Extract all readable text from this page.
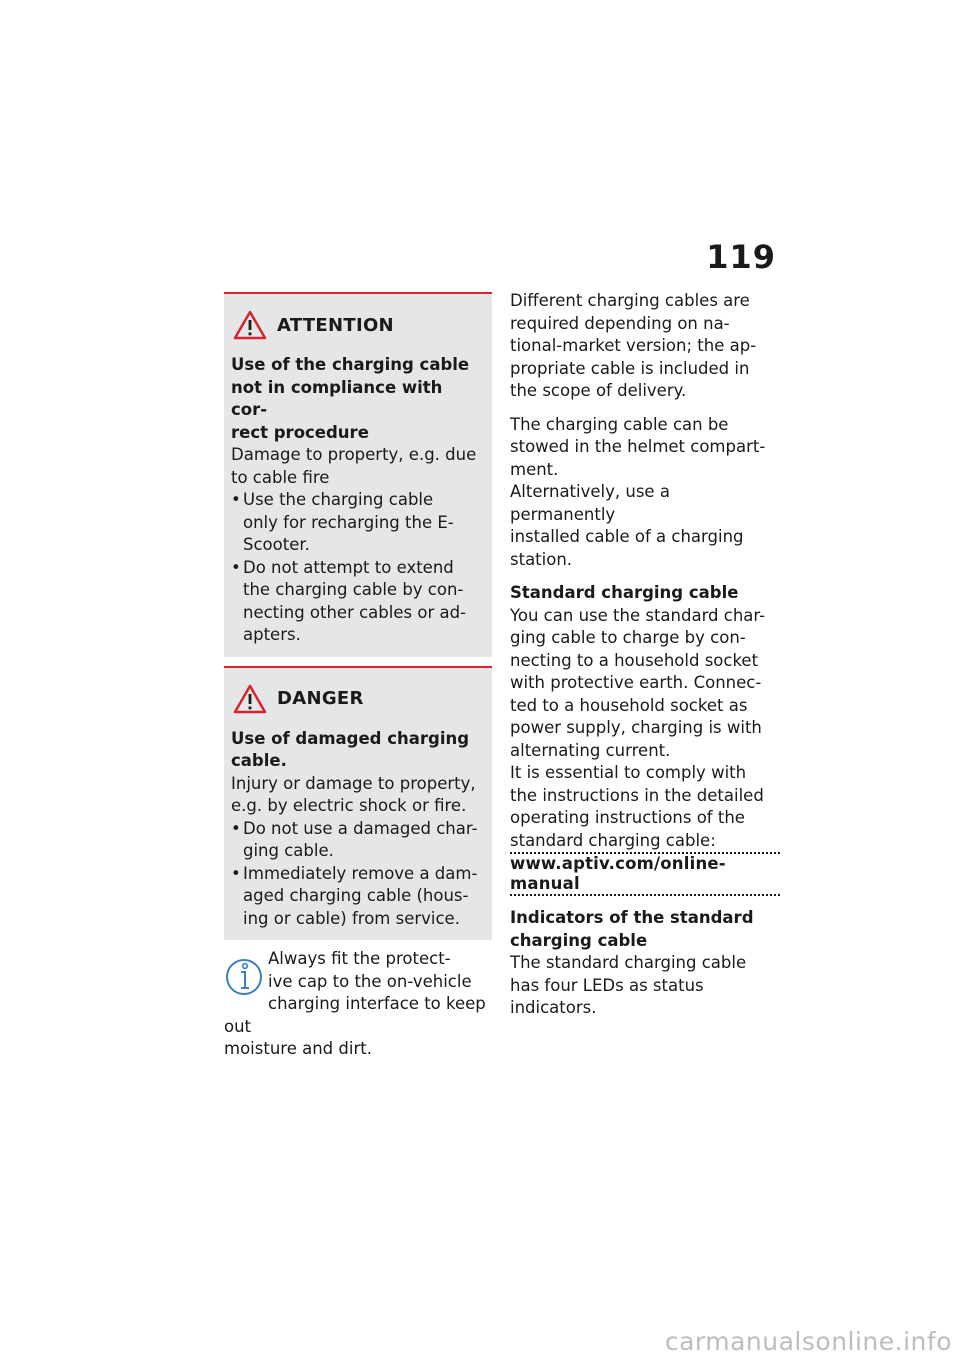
119
ATTENTION
Use of the charging cable
not in compliance with cor-
rect procedure
Damage to property, e.g. due
to cable fire
• Use the charging cable
only for recharging the E-
Scooter.
• Do not attempt to extend
the charging cable by con-
necting other cables or ad-
apters.
DANGER
Use of damaged charging
cable.
Injury or damage to property,
e.g. by electric shock or fire.
• Do not use a damaged char-
ging cable.
• Immediately remove a dam-
aged charging cable (hous-
ing or cable) from service.
Always fit the protect-
ive cap to the on-vehicle
charging interface to keep out
moisture and dirt.

Different charging cables are
required depending on na-
tional-market version; the ap-
propriate cable is included in
the scope of delivery.

The charging cable can be
stowed in the helmet compart-
ment.
Alternatively, use a permanently
installed cable of a charging
station.

Standard charging cable
You can use the standard char-
ging cable to charge by con-
necting to a household socket
with protective earth. Connec-
ted to a household socket as
power supply, charging is with
alternating current.
It is essential to comply with
the instructions in the detailed
operating instructions of the
standard charging cable:
www.aptiv.com/online-manual

Indicators of the standard
charging cable
The standard charging cable
has four LEDs as status
indicators.

carmanualsonline.info
